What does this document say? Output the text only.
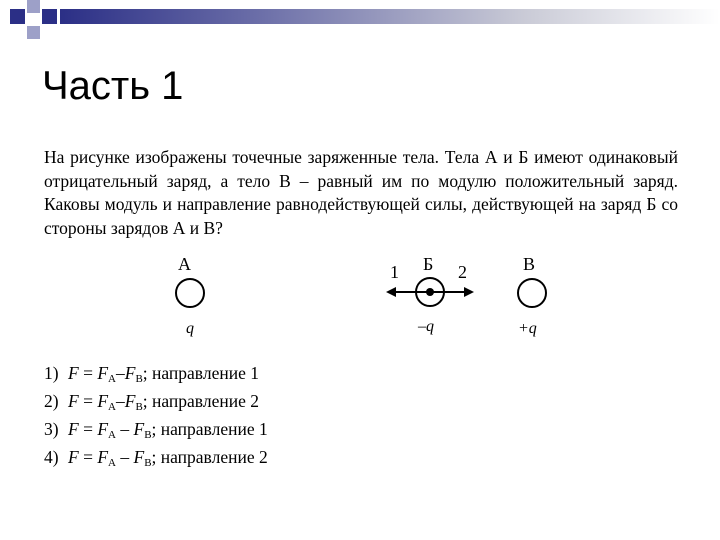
Часть 1

На рисунке изображены точечные заряженные тела. Тела А и Б имеют одинаковый отрицательный заряд, а тело В – равный им по модулю положительный заряд. Каковы модуль и направление равнодействующей силы, действующей на заряд Б со стороны зарядов А и В?

А
q
1	2
Б
–q
В
+q
1) $F = F_А-F_В$; направление 1
2) $F = F_А-F_В$; направление 2
3) $F = F_А - F_В$; направление 1
4) $F = F_А - F_В$; направление 2
